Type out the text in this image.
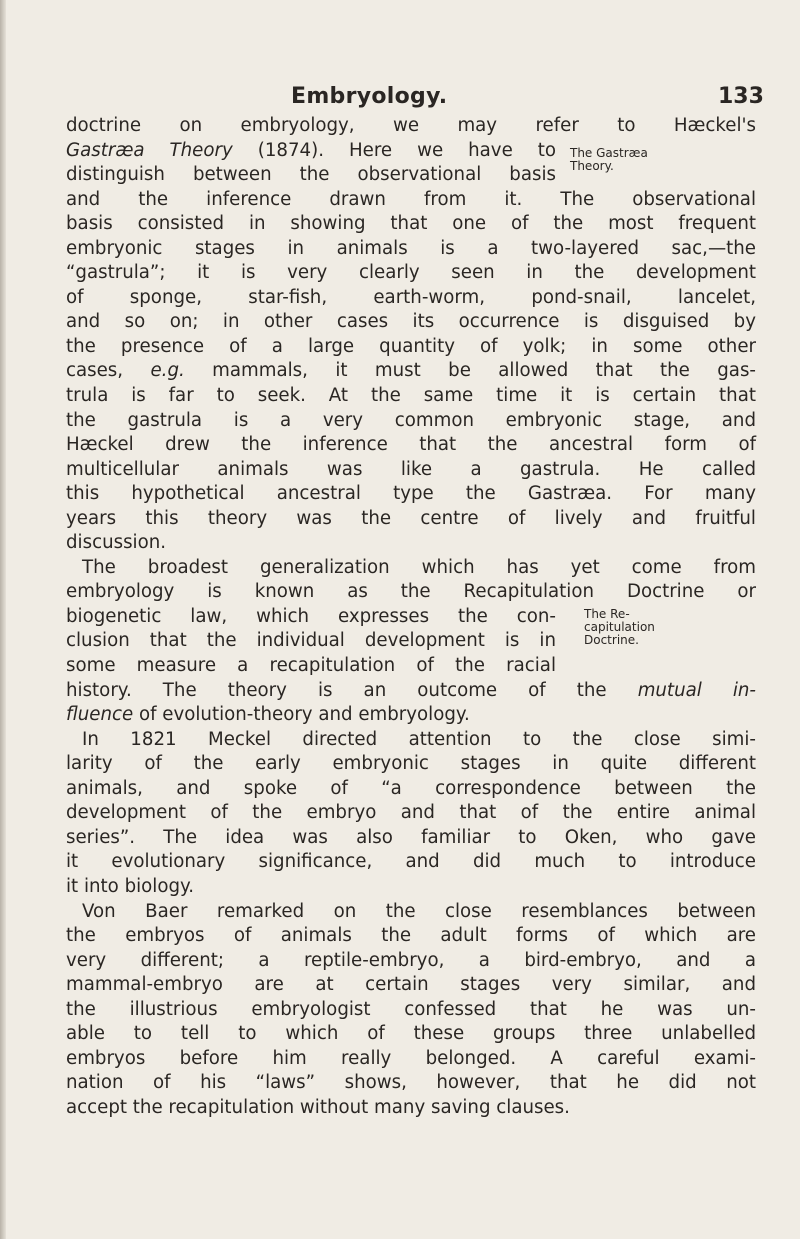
Embryology.	133
doctrine on embryology, we may refer to Hæckel's
Gastræa Theory (1874). Here we have to
distinguish between the observational basis
and the inference drawn from it. The observational
basis consisted in showing that one of the most frequent
embryonic stages in animals is a two-layered sac,—the
“gastrula”; it is very clearly seen in the development
of sponge, star-fish, earth-worm, pond-snail, lancelet,
and so on; in other cases its occurrence is disguised by
the presence of a large quantity of yolk; in some other
cases, e.g. mammals, it must be allowed that the gas-
trula is far to seek. At the same time it is certain that
the gastrula is a very common embryonic stage, and
Hæckel drew the inference that the ancestral form of
multicellular animals was like a gastrula. He called
this hypothetical ancestral type the Gastræa. For many
years this theory was the centre of lively and fruitful
discussion.
The broadest generalization which has yet come from
embryology is known as the Recapitulation Doctrine or
biogenetic law, which expresses the con-
clusion that the individual development is in
some measure a recapitulation of the racial
history. The theory is an outcome of the mutual in-
fluence of evolution-theory and embryology.
In 1821 Meckel directed attention to the close simi-
larity of the early embryonic stages in quite different
animals, and spoke of “a correspondence between the
development of the embryo and that of the entire animal
series”. The idea was also familiar to Oken, who gave
it evolutionary significance, and did much to introduce
it into biology.
Von Baer remarked on the close resemblances between
the embryos of animals the adult forms of which are
very different; a reptile-embryo, a bird-embryo, and a
mammal-embryo are at certain stages very similar, and
the illustrious embryologist confessed that he was un-
able to tell to which of these groups three unlabelled
embryos before him really belonged. A careful exami-
nation of his “laws” shows, however, that he did not
accept the recapitulation without many saving clauses.
The Gastræa
Theory.
The Re-
capitulation
Doctrine.
